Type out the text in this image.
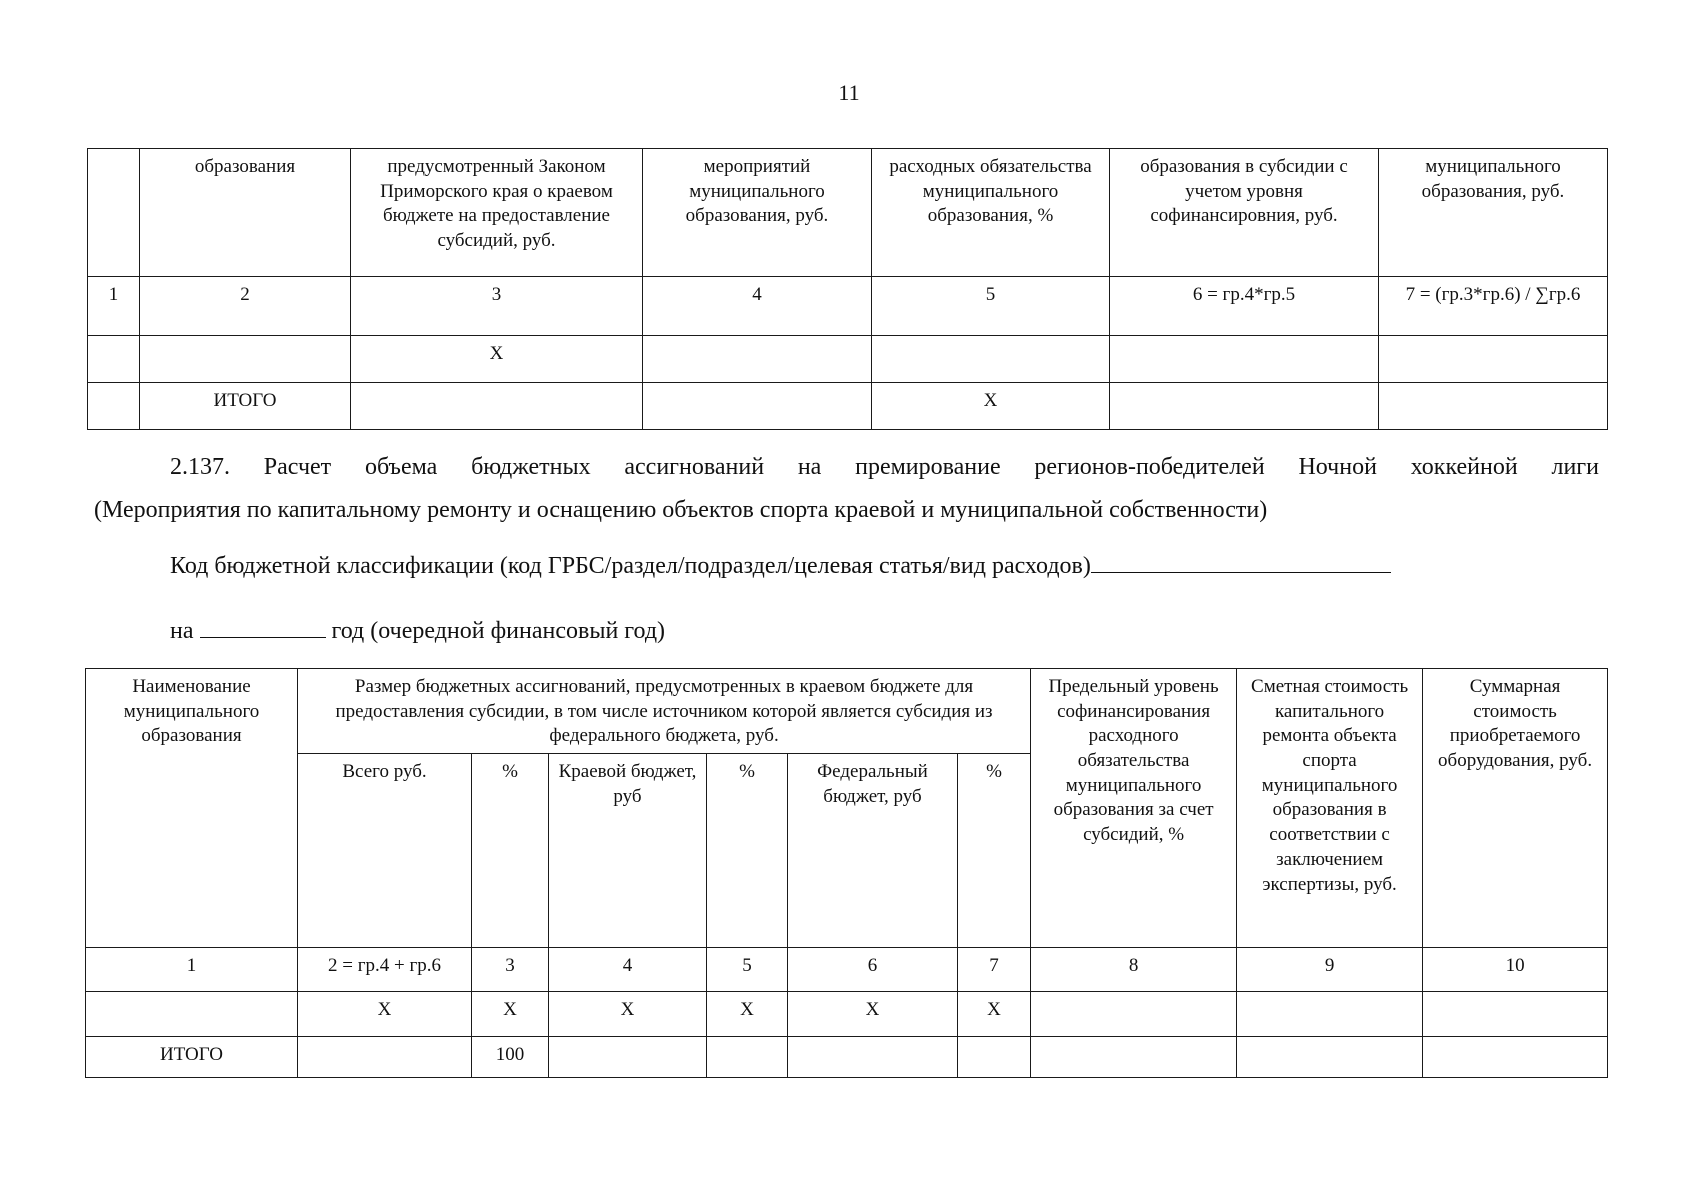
11
	образования	предусмотренный Законом Приморского края о краевом бюджете на предоставление субсидий, руб.	мероприятий муниципального образования, руб.	расходных обязательства муниципального образования, %	образования в субсидии с учетом уровня софинансировния, руб.	муниципального образования, руб.
1	2	3	4	5	6 = гр.4*гр.5	7 = (гр.3*гр.6) / ∑гр.6
		X				
	ИТОГО			X		
2.137. Расчет объема бюджетных ассигнований на премирование регионов-победителей Ночной хоккейной лиги
(Мероприятия по капитальному ремонту и оснащению объектов спорта краевой и муниципальной собственности)
Код бюджетной классификации (код ГРБС/раздел/подраздел/целевая статья/вид расходов)
на	год (очередной финансовый год)
Наименование муниципального образования	Размер бюджетных ассигнований, предусмотренных в краевом бюджете для предоставления субсидии, в том числе источником которой является субсидия из федерального бюджета, руб.						Предельный уровень софинансирования расходного обязательства муниципального образования за счет субсидий, %	Сметная стоимость капитального ремонта объекта спорта муниципального образования в соответствии с заключением экспертизы, руб.	Суммарная стоимость приобретаемого оборудования, руб.
	Всего руб.	%	Краевой бюджет, руб	%	Федеральный бюджет, руб	%			
1	2 = гр.4 + гр.6	3	4	5	6	7	8	9	10
	X	X	X	X	X	X			
ИТОГО		100							
